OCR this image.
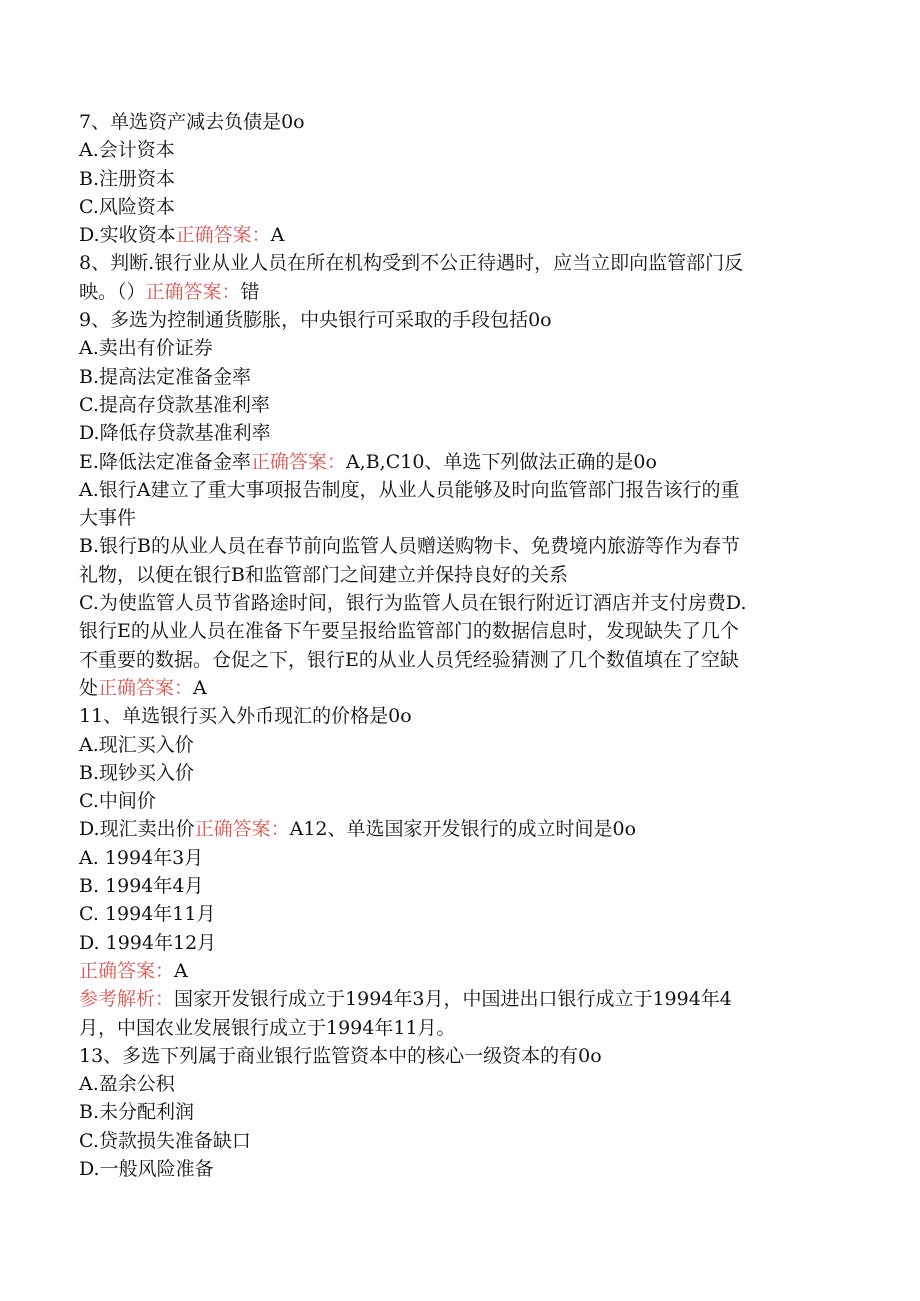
7、单选资产减去负债是0o
A.会计资本
B.注册资本
C.风险资本
D.实收资本正确答案：A
8、判断.银行业从业人员在所在机构受到不公正待遇时，应当立即向监管部门反
映。（）正确答案：错
9、多选为控制通货膨胀，中央银行可采取的手段包括0o
A.卖出有价证券
B.提高法定准备金率
C.提高存贷款基准利率
D.降低存贷款基准利率
E.降低法定准备金率正确答案：A,B,C10、单选下列做法正确的是0o
A.银行A建立了重大事项报告制度，从业人员能够及时向监管部门报告该行的重
大事件
B.银行B的从业人员在春节前向监管人员赠送购物卡、免费境内旅游等作为春节
礼物，以便在银行B和监管部门之间建立并保持良好的关系
C.为使监管人员节省路途时间，银行为监管人员在银行附近订酒店并支付房费D.
银行E的从业人员在准备下午要呈报给监管部门的数据信息时，发现缺失了几个
不重要的数据。仓促之下，银行E的从业人员凭经验猜测了几个数值填在了空缺
处正确答案：A
11、单选银行买入外币现汇的价格是0o
A.现汇买入价
B.现钞买入价
C.中间价
D.现汇卖出价正确答案：A12、单选国家开发银行的成立时间是0o
A. 1994年3月
B. 1994年4月
C. 1994年11月
D. 1994年12月
正确答案：A
参考解析：国家开发银行成立于1994年3月，中国进出口银行成立于1994年4
月，中国农业发展银行成立于1994年11月。
13、多选下列属于商业银行监管资本中的核心一级资本的有0o
A.盈余公积
B.未分配利润
C.贷款损失准备缺口
D.一般风险准备
